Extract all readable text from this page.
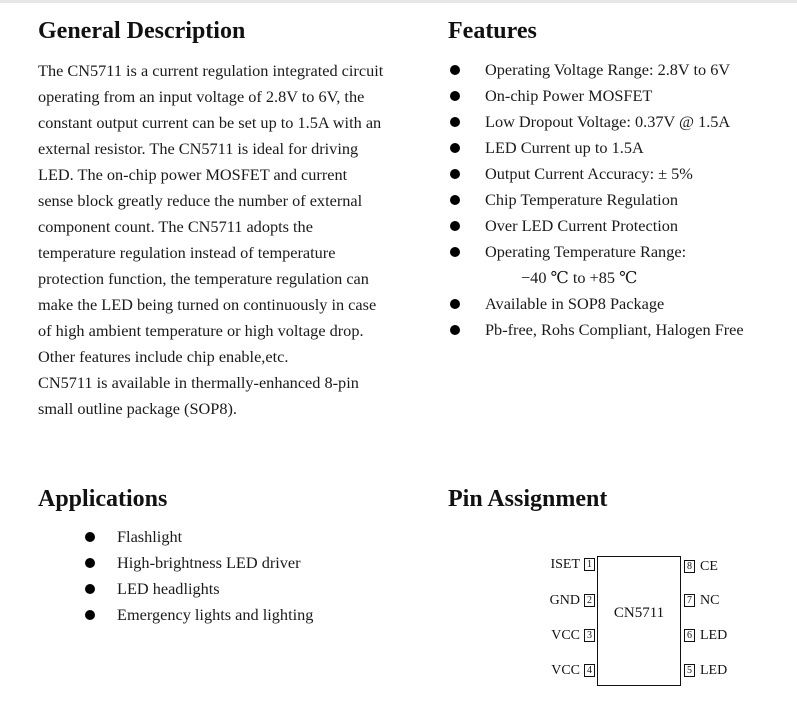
General Description
The CN5711 is a current regulation integrated circuit
operating from an input voltage of 2.8V to 6V, the
constant output current can be set up to 1.5A with an
external resistor. The CN5711 is ideal for driving
LED. The on-chip power MOSFET and current
sense block greatly reduce the number of external
component count. The CN5711 adopts the
temperature regulation instead of temperature
protection function, the temperature regulation can
make the LED being turned on continuously in case
of high ambient temperature or high voltage drop.
Other features include chip enable,etc.
CN5711 is available in thermally-enhanced 8-pin
small outline package (SOP8).
Features
Operating Voltage Range: 2.8V to 6V
On-chip Power MOSFET
Low Dropout Voltage: 0.37V @ 1.5A
LED Current up to 1.5A
Output Current Accuracy: ± 5%
Chip Temperature Regulation
Over LED Current Protection
Operating Temperature Range:
−40 ℃ to +85 ℃
Available in SOP8 Package
Pb-free, Rohs Compliant, Halogen Free
Applications
Flashlight
High-brightness LED driver
LED headlights
Emergency lights and lighting
Pin Assignment
CN5711
ISET 1
GND 2
VCC 3
VCC 4
8 CE
7 NC
6 LED
5 LED
